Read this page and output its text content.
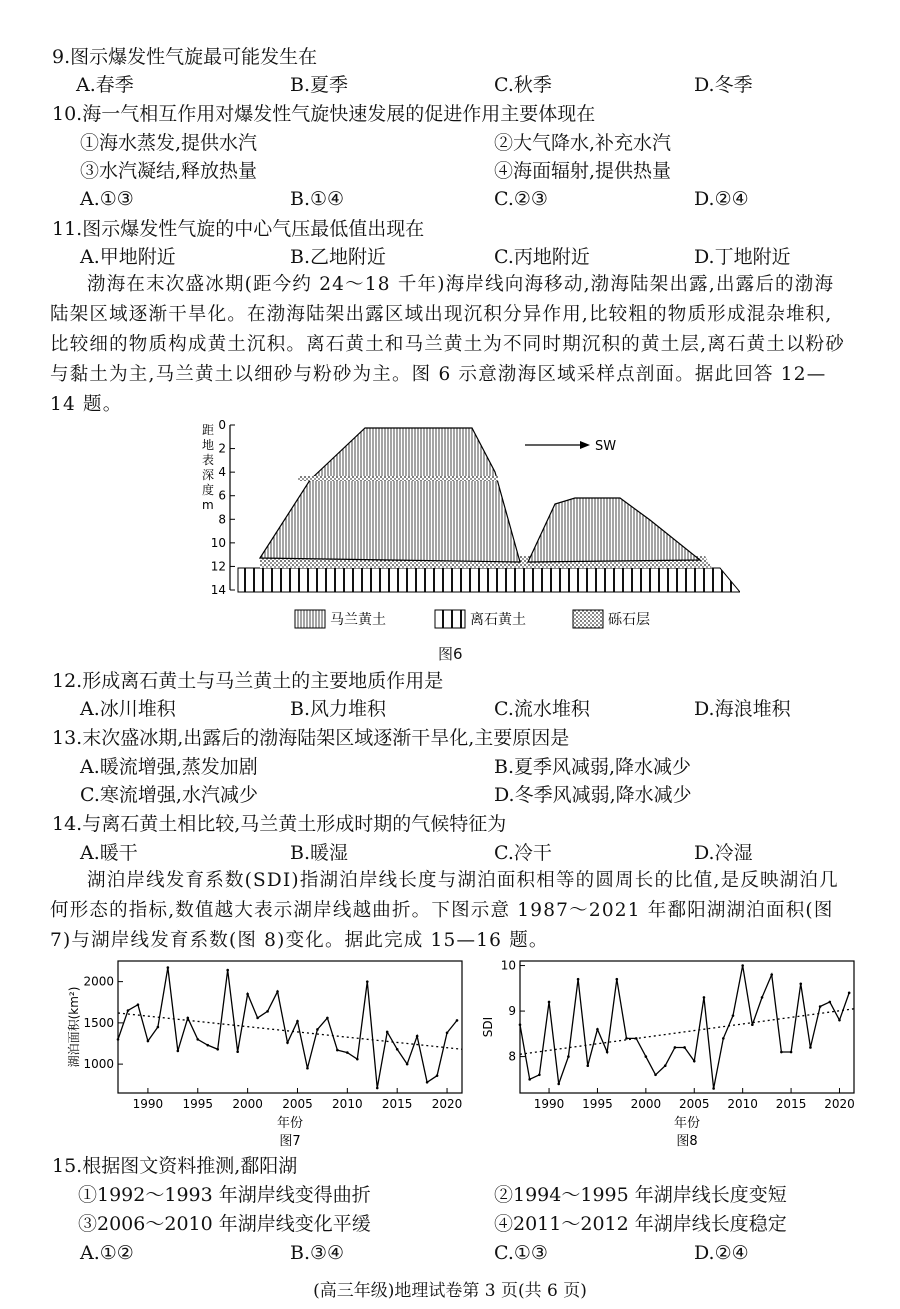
9.图示爆发性气旋最可能发生在
A.春季	B.夏季	C.秋季	D.冬季
10.海一气相互作用对爆发性气旋快速发展的促进作用主要体现在
①海水蒸发,提供水汽	②大气降水,补充水汽
③水汽凝结,释放热量	④海面辐射,提供热量
A.①③	B.①④	C.②③	D.②④
11.图示爆发性气旋的中心气压最低值出现在
A.甲地附近	B.乙地附近	C.丙地附近	D.丁地附近
渤海在末次盛冰期(距今约 24～18 千年)海岸线向海移动,渤海陆架出露,出露后的渤海陆架区域逐渐干旱化。在渤海陆架出露区域出现沉积分异作用,比较粗的物质形成混杂堆积,比较细的物质构成黄土沉积。离石黄土和马兰黄土为不同时期沉积的黄土层,离石黄土以粉砂与黏土为主,马兰黄土以细砂与粉砂为主。图 6 示意渤海区域采样点剖面。据此回答 12—14 题。
距地表深度 m
0
2
4
6
8
10
12
14
SW
马兰黄土	离石黄土	砾石层
图6
12.形成离石黄土与马兰黄土的主要地质作用是
A.冰川堆积	B.风力堆积	C.流水堆积	D.海浪堆积
13.末次盛冰期,出露后的渤海陆架区域逐渐干旱化,主要原因是
A.暖流增强,蒸发加剧	B.夏季风减弱,降水减少
C.寒流增强,水汽减少	D.冬季风减弱,降水减少
14.与离石黄土相比较,马兰黄土形成时期的气候特征为
A.暖干	B.暖湿	C.冷干	D.冷湿
湖泊岸线发育系数(SDI)指湖泊岸线长度与湖泊面积相等的圆周长的比值,是反映湖泊几何形态的指标,数值越大表示湖岸线越曲折。下图示意 1987～2021 年鄱阳湖湖泊面积(图 7)与湖岸线发育系数(图 8)变化。据此完成 15—16 题。
1990 1995 2000 2005 2010 2015 2020
1000
1500
2000
湖泊面积(km²)
年份
图7
1990 1995 2000 2005 2010 2015 2020
8
9
10
SDI
年份
图8
15.根据图文资料推测,鄱阳湖
①1992～1993 年湖岸线变得曲折	②1994～1995 年湖岸线长度变短
③2006～2010 年湖岸线变化平缓	④2011～2012 年湖岸线长度稳定
A.①②	B.③④	C.①③	D.②④
(高三年级)地理试卷第 3 页(共 6 页)
